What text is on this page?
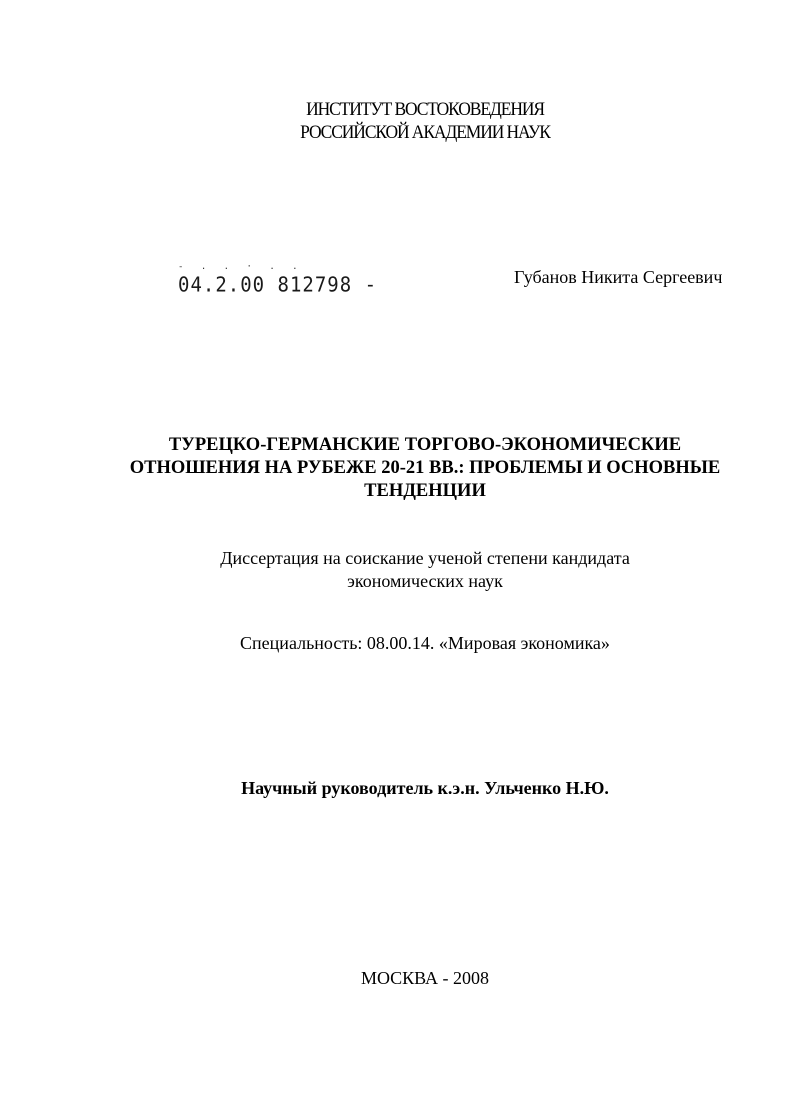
ИНСТИТУТ ВОСТОКОВЕДЕНИЯ
РОССИЙСКОЙ АКАДЕМИИ НАУК
- . . · . .
04.2.00 812798 -	Губанов Никита Сергеевич
ТУРЕЦКО-ГЕРМАНСКИЕ ТОРГОВО-ЭКОНОМИЧЕСКИЕ
ОТНОШЕНИЯ НА РУБЕЖЕ 20-21 ВВ.: ПРОБЛЕМЫ И ОСНОВНЫЕ
ТЕНДЕНЦИИ
Диссертация на соискание ученой степени кандидата
экономических наук
Специальность: 08.00.14. «Мировая экономика»
Научный руководитель к.э.н. Ульченко Н.Ю.
МОСКВА - 2008
